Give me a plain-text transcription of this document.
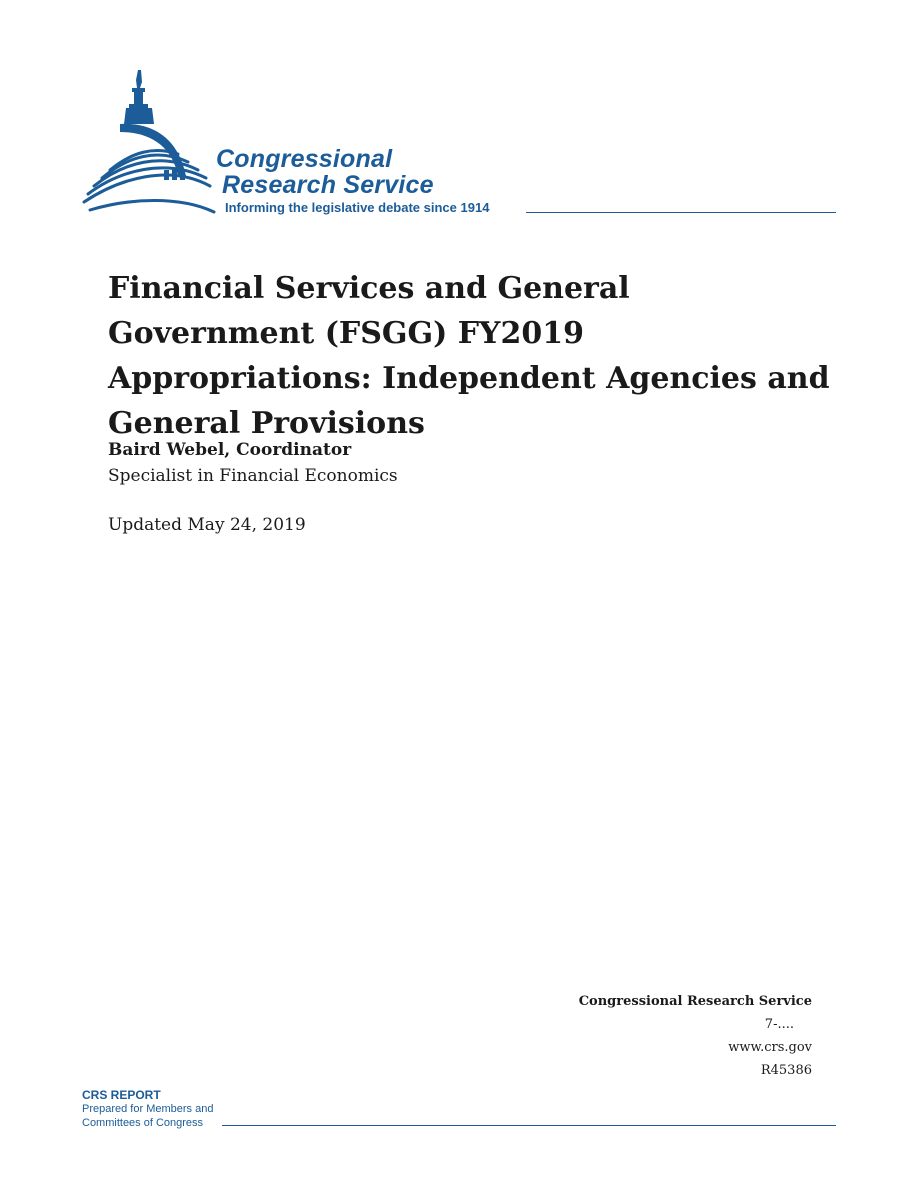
Congressional
Research Service
Informing the legislative debate since 1914
Financial Services and General Government (FSGG) FY2019 Appropriations: Independent Agencies and General Provisions
Baird Webel, Coordinator
Specialist in Financial Economics
Updated May 24, 2019
Congressional Research Service
7-....
www.crs.gov
R45386
CRS REPORT
Prepared for Members and
Committees of Congress
